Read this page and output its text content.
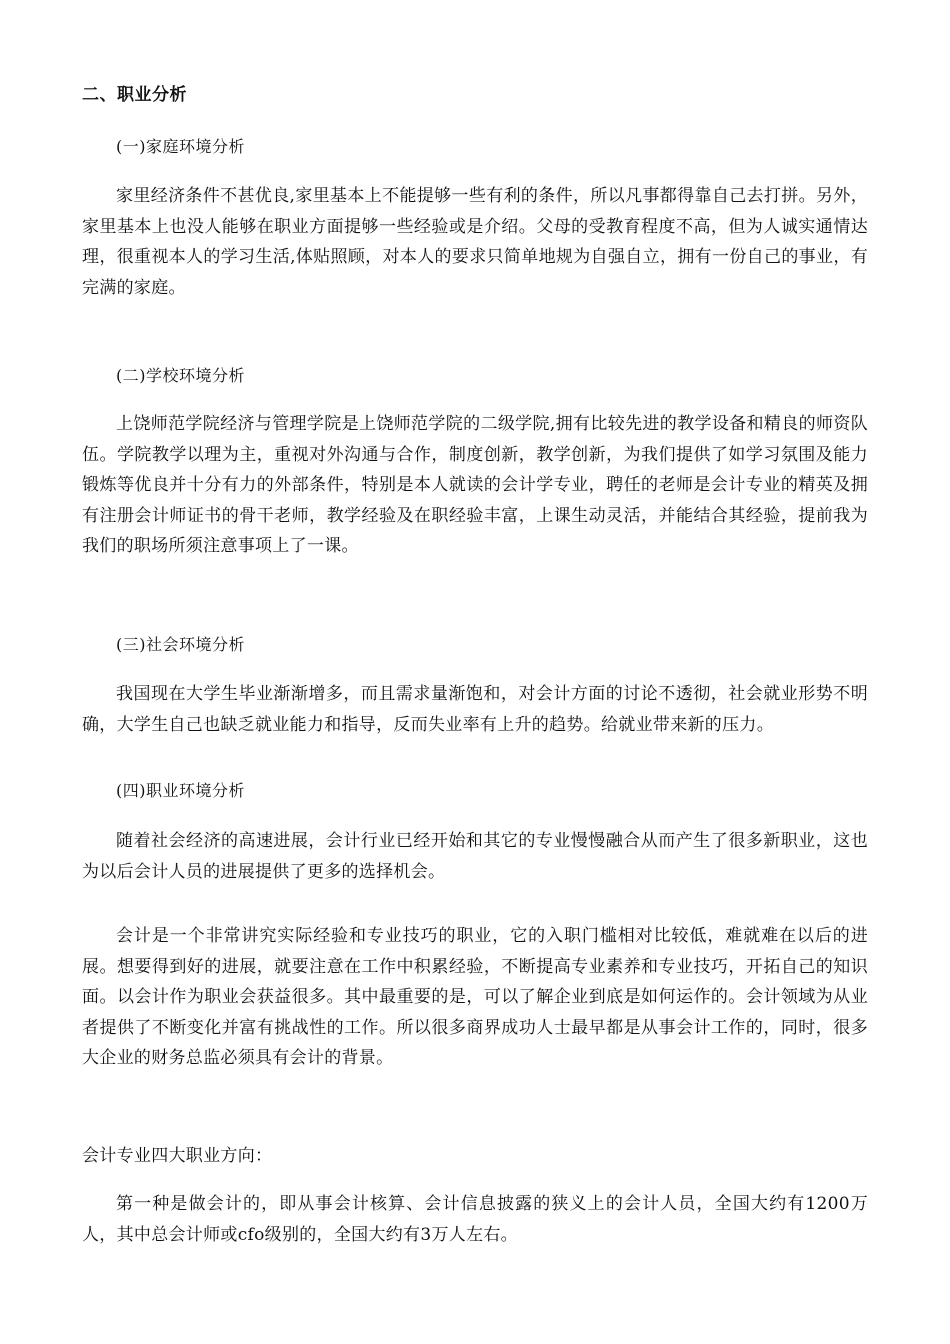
二、职业分析
(一)家庭环境分析
家里经济条件不甚优良,家里基本上不能提够一些有利的条件，所以凡事都得靠自己去打拼。另外，家里基本上也没人能够在职业方面提够一些经验或是介绍。父母的受教育程度不高，但为人诚实通情达理，很重视本人的学习生活,体贴照顾，对本人的要求只简单地规为自强自立，拥有一份自己的事业，有完满的家庭。
(二)学校环境分析
上饶师范学院经济与管理学院是上饶师范学院的二级学院,拥有比较先进的教学设备和精良的师资队伍。学院教学以理为主，重视对外沟通与合作，制度创新，教学创新，为我们提供了如学习氛围及能力锻炼等优良并十分有力的外部条件，特别是本人就读的会计学专业，聘任的老师是会计专业的精英及拥有注册会计师证书的骨干老师，教学经验及在职经验丰富，上课生动灵活，并能结合其经验，提前我为我们的职场所须注意事项上了一课。
(三)社会环境分析
我国现在大学生毕业渐渐增多，而且需求量渐饱和，对会计方面的讨论不透彻，社会就业形势不明确，大学生自己也缺乏就业能力和指导，反而失业率有上升的趋势。给就业带来新的压力。
(四)职业环境分析
随着社会经济的高速进展，会计行业已经开始和其它的专业慢慢融合从而产生了很多新职业，这也为以后会计人员的进展提供了更多的选择机会。
会计是一个非常讲究实际经验和专业技巧的职业，它的入职门槛相对比较低，难就难在以后的进展。想要得到好的进展，就要注意在工作中积累经验，不断提高专业素养和专业技巧，开拓自己的知识面。以会计作为职业会获益很多。其中最重要的是，可以了解企业到底是如何运作的。会计领域为从业者提供了不断变化并富有挑战性的工作。所以很多商界成功人士最早都是从事会计工作的，同时，很多大企业的财务总监必须具有会计的背景。
会计专业四大职业方向：
第一种是做会计的，即从事会计核算、会计信息披露的狭义上的会计人员，全国大约有1200万人，其中总会计师或cfo级别的，全国大约有3万人左右。
